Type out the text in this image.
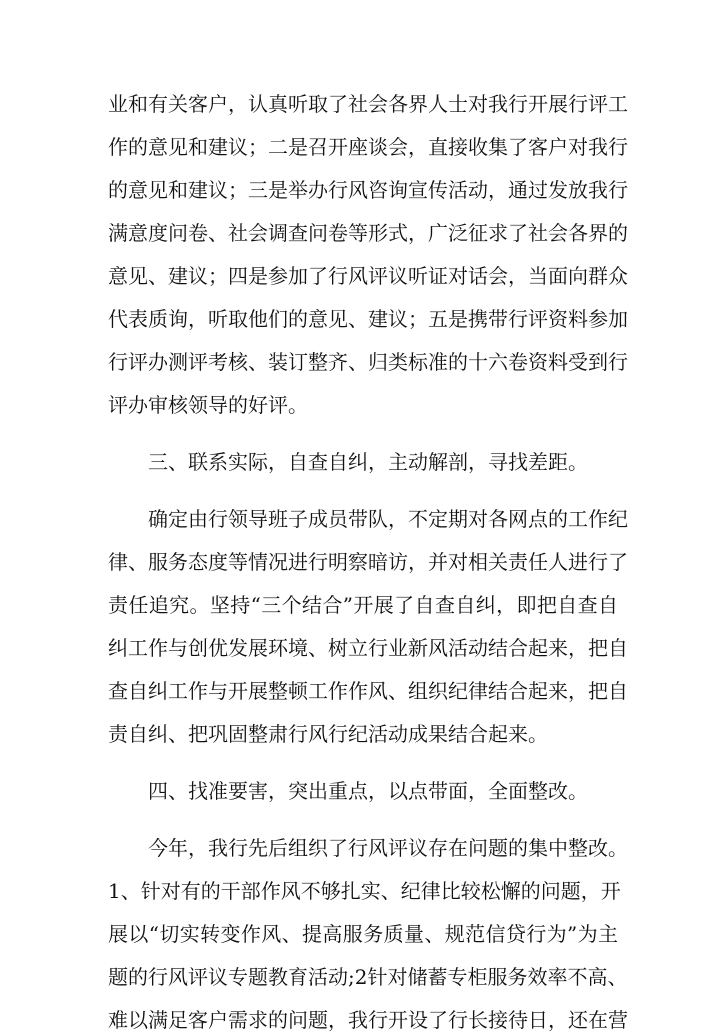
业和有关客户，认真听取了社会各界人士对我行开展行评工
作的意见和建议；二是召开座谈会，直接收集了客户对我行
的意见和建议；三是举办行风咨询宣传活动，通过发放我行
满意度问卷、社会调查问卷等形式，广泛征求了社会各界的
意见、建议；四是参加了行风评议听证对话会，当面向群众
代表质询，听取他们的意见、建议；五是携带行评资料参加
行评办测评考核、装订整齐、归类标准的十六卷资料受到行
评办审核领导的好评。
三、联系实际，自查自纠，主动解剖，寻找差距。
确定由行领导班子成员带队，不定期对各网点的工作纪
律、服务态度等情况进行明察暗访，并对相关责任人进行了
责任追究。坚持“三个结合”开展了自查自纠，即把自查自
纠工作与创优发展环境、树立行业新风活动结合起来，把自
查自纠工作与开展整顿工作作风、组织纪律结合起来，把自
责自纠、把巩固整肃行风行纪活动成果结合起来。
四、找准要害，突出重点，以点带面，全面整改。
今年，我行先后组织了行风评议存在问题的集中整改。
1、针对有的干部作风不够扎实、纪律比较松懈的问题，开
展以“切实转变作风、提高服务质量、规范信贷行为”为主
题的行风评议专题教育活动;2针对储蓄专柜服务效率不高、
难以满足客户需求的问题，我行开设了行长接待日，还在营
